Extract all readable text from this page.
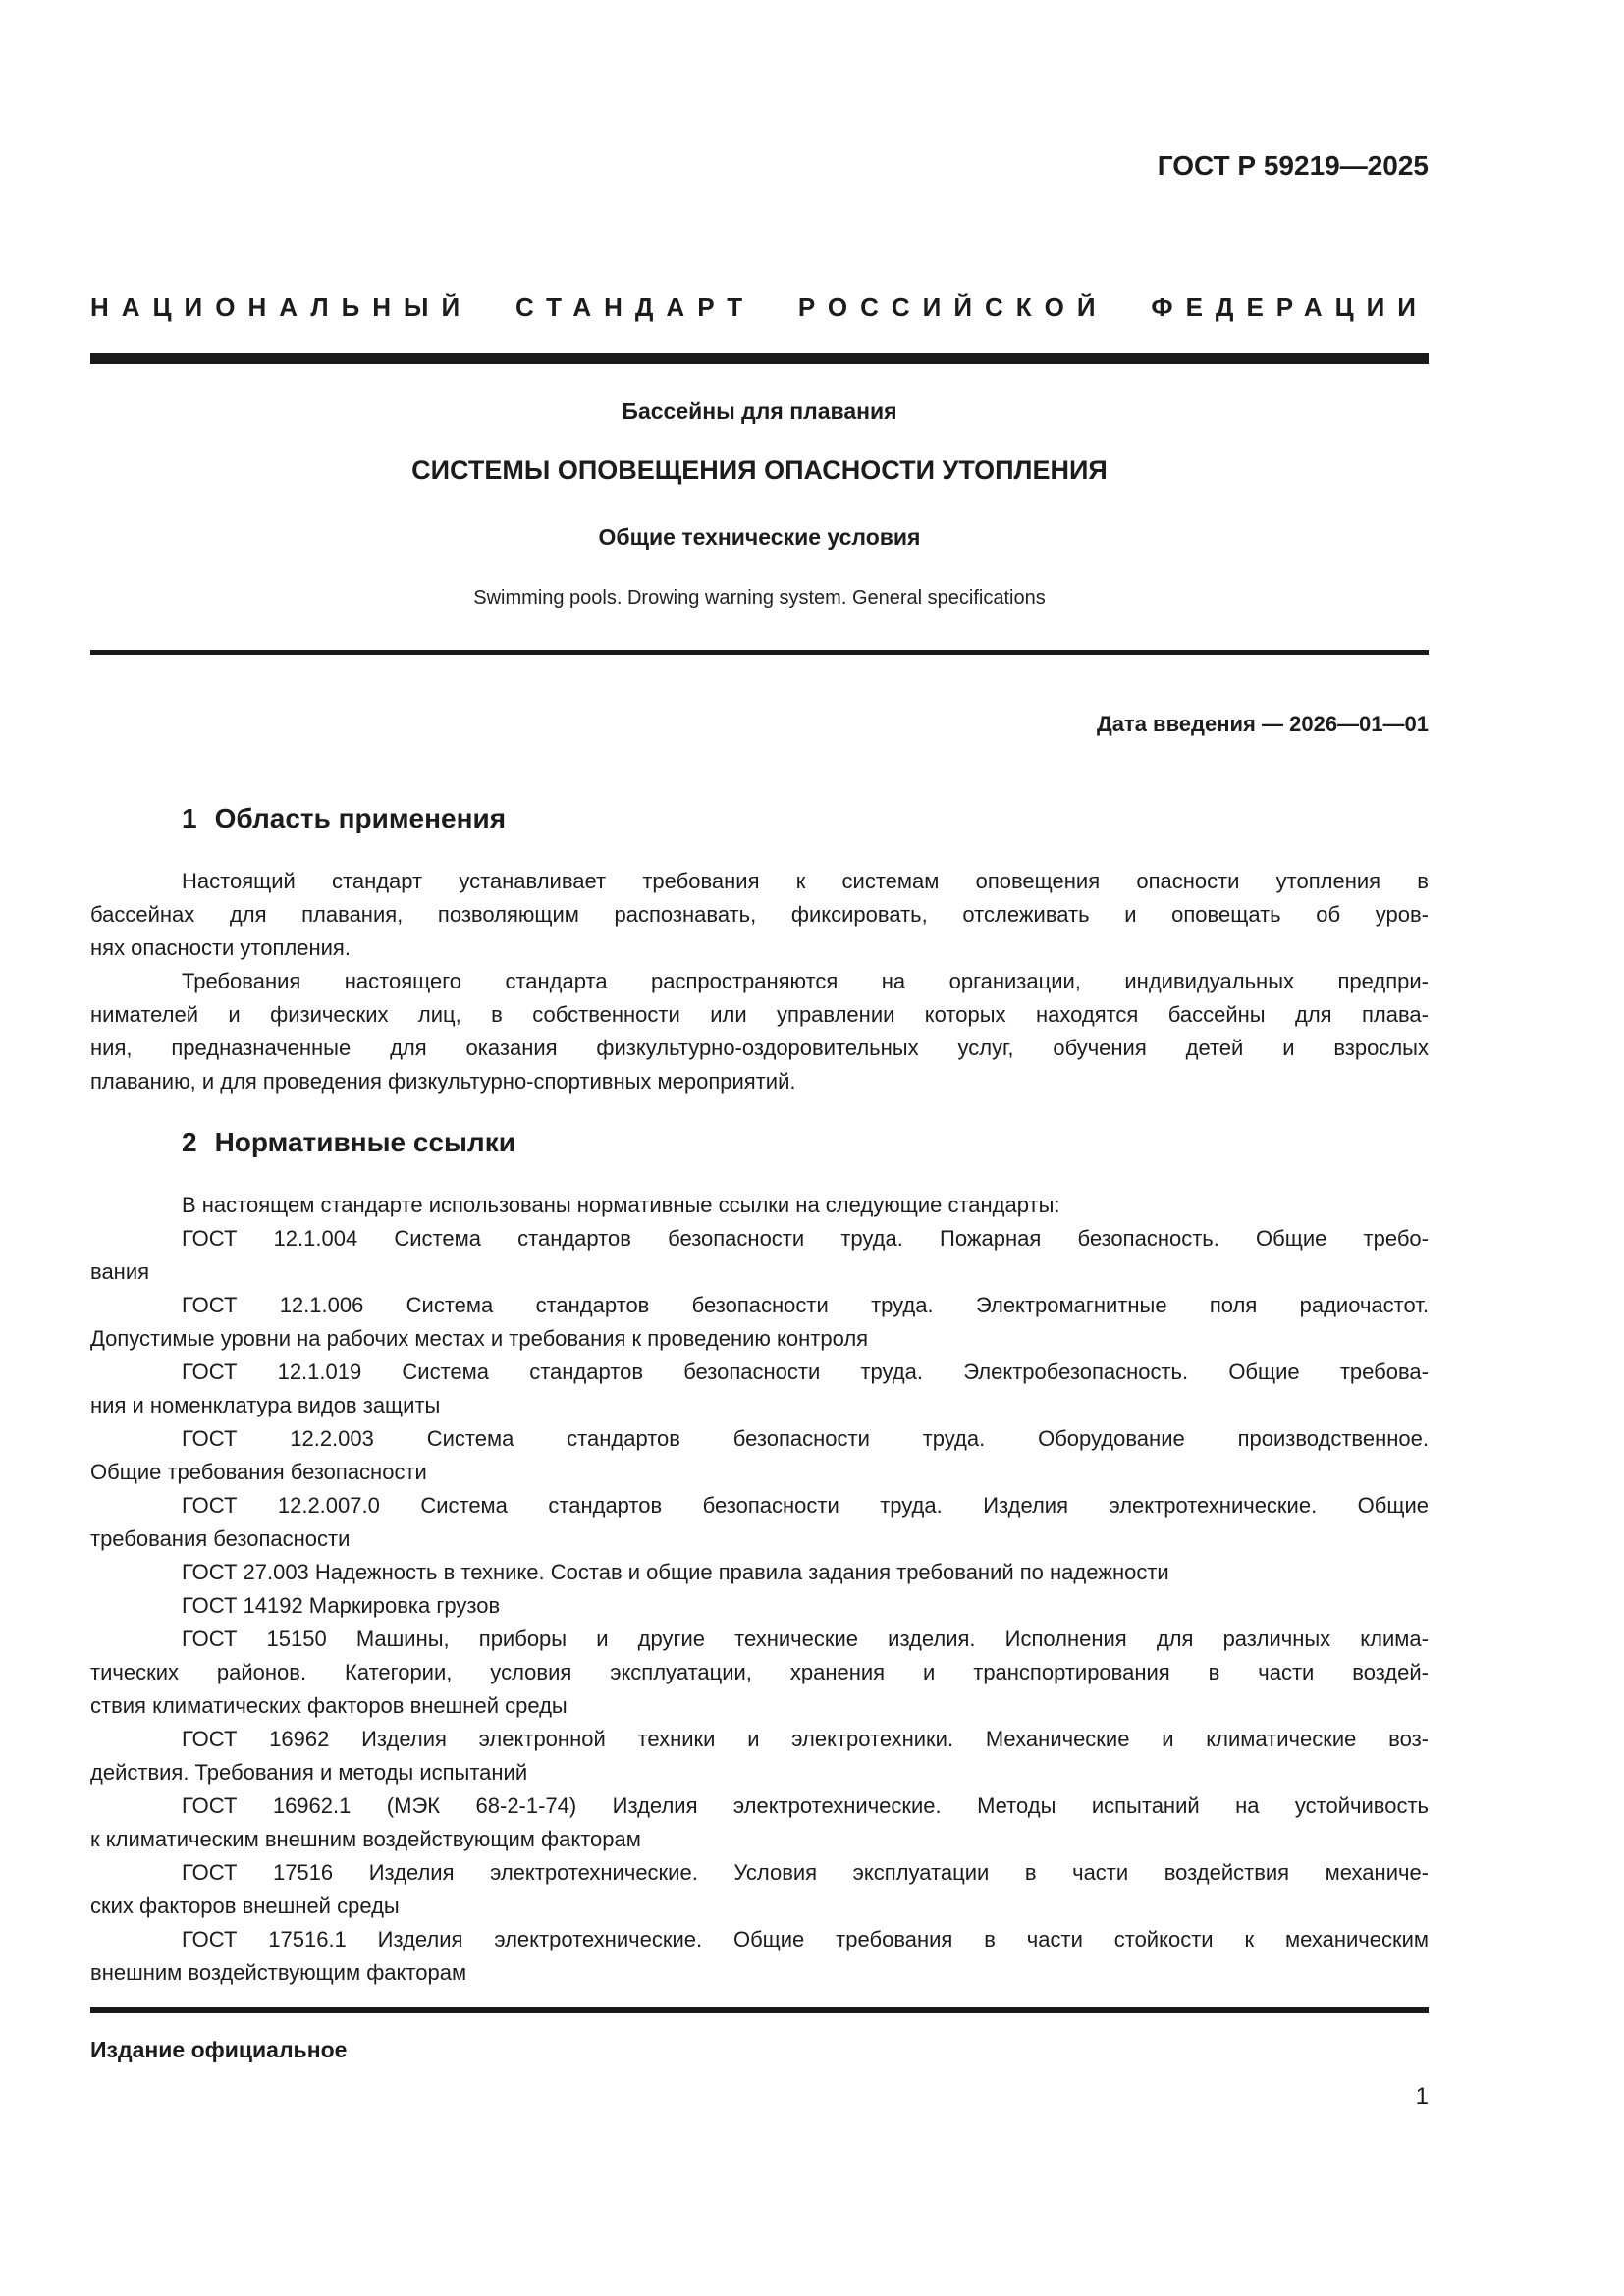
ГОСТ Р 59219—2025
НАЦИОНАЛЬНЫЙ СТАНДАРТ РОССИЙСКОЙ ФЕДЕРАЦИИ
Бассейны для плавания
СИСТЕМЫ ОПОВЕЩЕНИЯ ОПАСНОСТИ УТОПЛЕНИЯ
Общие технические условия
Swimming pools. Drowing warning system. General specifications
Дата введения — 2026—01—01
1 Область применения
Настоящий стандарт устанавливает требования к системам оповещения опасности утопления в
бассейнах для плавания, позволяющим распознавать, фиксировать, отслеживать и оповещать об уров-
нях опасности утопления.
Требования настоящего стандарта распространяются на организации, индивидуальных предпри-
нимателей и физических лиц, в собственности или управлении которых находятся бассейны для плава-
ния, предназначенные для оказания физкультурно-оздоровительных услуг, обучения детей и взрослых
плаванию, и для проведения физкультурно-спортивных мероприятий.
2 Нормативные ссылки
В настоящем стандарте использованы нормативные ссылки на следующие стандарты:
ГОСТ 12.1.004 Система стандартов безопасности труда. Пожарная безопасность. Общие требо-
вания
ГОСТ 12.1.006 Система стандартов безопасности труда. Электромагнитные поля радиочастот.
Допустимые уровни на рабочих местах и требования к проведению контроля
ГОСТ 12.1.019 Система стандартов безопасности труда. Электробезопасность. Общие требова-
ния и номенклатура видов защиты
ГОСТ 12.2.003 Система стандартов безопасности труда. Оборудование производственное.
Общие требования безопасности
ГОСТ 12.2.007.0 Система стандартов безопасности труда. Изделия электротехнические. Общие
требования безопасности
ГОСТ 27.003 Надежность в технике. Состав и общие правила задания требований по надежности
ГОСТ 14192 Маркировка грузов
ГОСТ 15150 Машины, приборы и другие технические изделия. Исполнения для различных клима-
тических районов. Категории, условия эксплуатации, хранения и транспортирования в части воздей-
ствия климатических факторов внешней среды
ГОСТ 16962 Изделия электронной техники и электротехники. Механические и климатические воз-
действия. Требования и методы испытаний
ГОСТ 16962.1 (МЭК 68-2-1-74) Изделия электротехнические. Методы испытаний на устойчивость
к климатическим внешним воздействующим факторам
ГОСТ 17516 Изделия электротехнические. Условия эксплуатации в части воздействия механиче-
ских факторов внешней среды
ГОСТ 17516.1 Изделия электротехнические. Общие требования в части стойкости к механическим
внешним воздействующим факторам
Издание официальное
1
